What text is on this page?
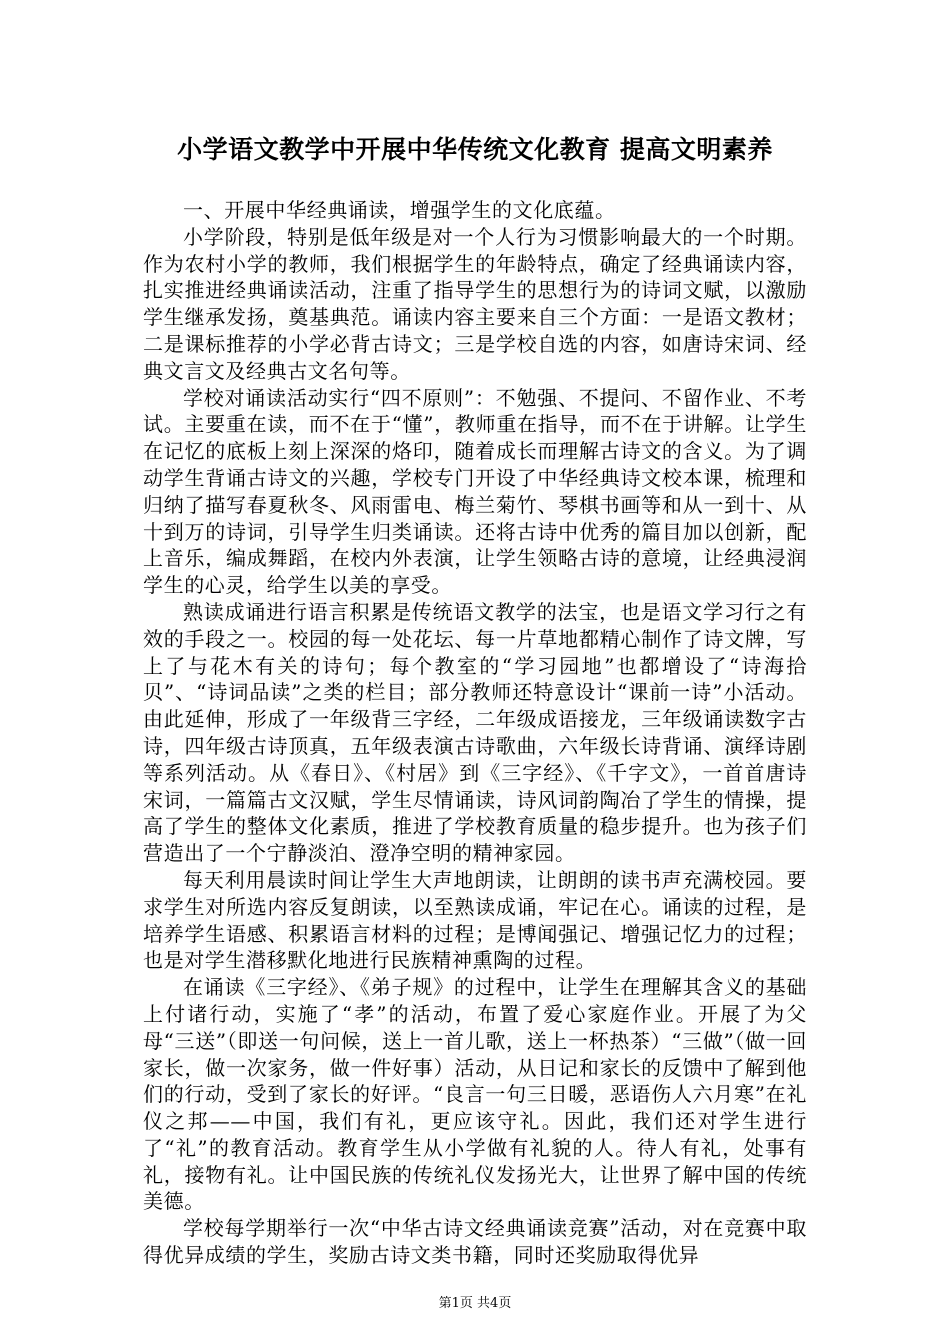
小学语文教学中开展中华传统文化教育 提高文明素养

一、开展中华经典诵读，增强学生的文化底蕴。

小学阶段，特别是低年级是对一个人行为习惯影响最大的一个时期。作为农村小学的教师，我们根据学生的年龄特点，确定了经典诵读内容，扎实推进经典诵读活动，注重了指导学生的思想行为的诗词文赋，以激励学生继承发扬，奠基典范。诵读内容主要来自三个方面：一是语文教材；二是课标推荐的小学必背古诗文；三是学校自选的内容，如唐诗宋词、经典文言文及经典古文名句等。

学校对诵读活动实行“四不原则”：不勉强、不提问、不留作业、不考试。主要重在读，而不在于“懂”，教师重在指导，而不在于讲解。让学生在记忆的底板上刻上深深的烙印，随着成长而理解古诗文的含义。为了调动学生背诵古诗文的兴趣，学校专门开设了中华经典诗文校本课，梳理和归纳了描写春夏秋冬、风雨雷电、梅兰菊竹、琴棋书画等和从一到十、从十到万的诗词，引导学生归类诵读。还将古诗中优秀的篇目加以创新，配上音乐，编成舞蹈，在校内外表演，让学生领略古诗的意境，让经典浸润学生的心灵，给学生以美的享受。

熟读成诵进行语言积累是传统语文教学的法宝，也是语文学习行之有效的手段之一。校园的每一处花坛、每一片草地都精心制作了诗文牌，写上了与花木有关的诗句；每个教室的“学习园地”也都增设了“诗海拾贝”、“诗词品读”之类的栏目；部分教师还特意设计“课前一诗”小活动。由此延伸，形成了一年级背三字经，二年级成语接龙，三年级诵读数字古诗，四年级古诗顶真，五年级表演古诗歌曲，六年级长诗背诵、演绎诗剧等系列活动。从《春日》、《村居》到《三字经》、《千字文》，一首首唐诗宋词，一篇篇古文汉赋，学生尽情诵读，诗风词韵陶冶了学生的情操，提高了学生的整体文化素质，推进了学校教育质量的稳步提升。也为孩子们营造出了一个宁静淡泊、澄净空明的精神家园。

每天利用晨读时间让学生大声地朗读，让朗朗的读书声充满校园。要求学生对所选内容反复朗读，以至熟读成诵，牢记在心。诵读的过程，是培养学生语感、积累语言材料的过程；是博闻强记、增强记忆力的过程；也是对学生潜移默化地进行民族精神熏陶的过程。

在诵读《三字经》、《弟子规》的过程中，让学生在理解其含义的基础上付诸行动，实施了“孝”的活动，布置了爱心家庭作业。开展了为父母“三送”（即送一句问候，送上一首儿歌，送上一杯热茶）“三做”（做一回家长，做一次家务，做一件好事）活动，从日记和家长的反馈中了解到他们的行动，受到了家长的好评。“良言一句三日暖，恶语伤人六月寒”在礼仪之邦——中国，我们有礼，更应该守礼。因此，我们还对学生进行了“礼”的教育活动。教育学生从小学做有礼貌的人。待人有礼，处事有礼，接物有礼。让中国民族的传统礼仪发扬光大，让世界了解中国的传统美德。

学校每学期举行一次“中华古诗文经典诵读竞赛”活动，对在竞赛中取得优异成绩的学生，奖励古诗文类书籍，同时还奖励取得优异

第1页 共4页
